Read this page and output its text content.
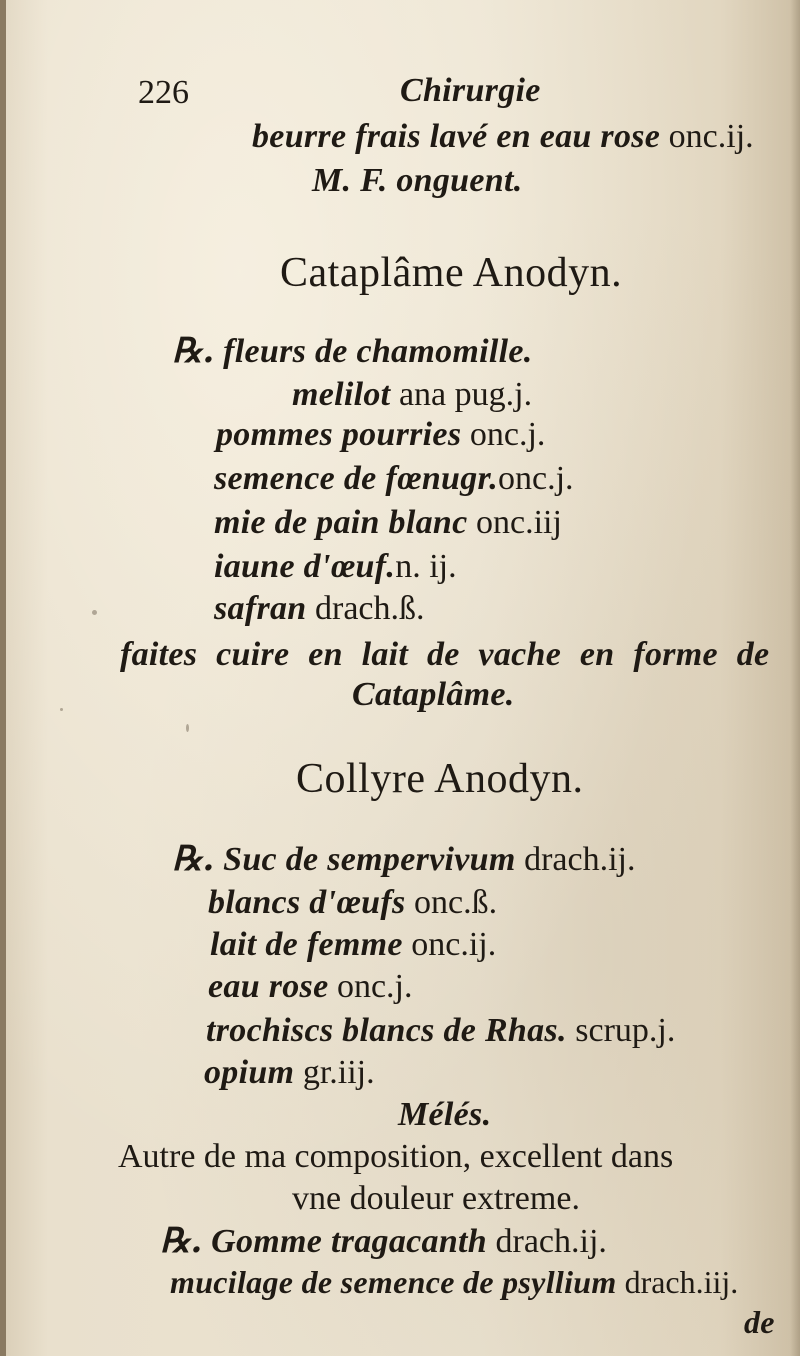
226	Chirurgie
beurre frais lavé en eau rose onc.ij.
M. F. onguent.
Cataplâme Anodyn.
℞. fleurs de chamomille.
melilot ana pug.j.
pommes pourries onc.j.
semence de fœnugr.onc.j.
mie de pain blanc onc.iij
iaune d'œuf.n. ij.
safran drach.ß.
faites cuire en lait de vache en forme de
Cataplâme.
Collyre Anodyn.
℞. Suc de sempervivum drach.ij.
blancs d'œufs onc.ß.
lait de femme onc.ij.
eau rose onc.j.
trochiscs blancs de Rhas. scrup.j.
opium gr.iij.
Mélés.
Autre de ma composition, excellent dans
vne douleur extreme.
℞. Gomme tragacanth drach.ij.
mucilage de semence de psyllium drach.iij.
de
